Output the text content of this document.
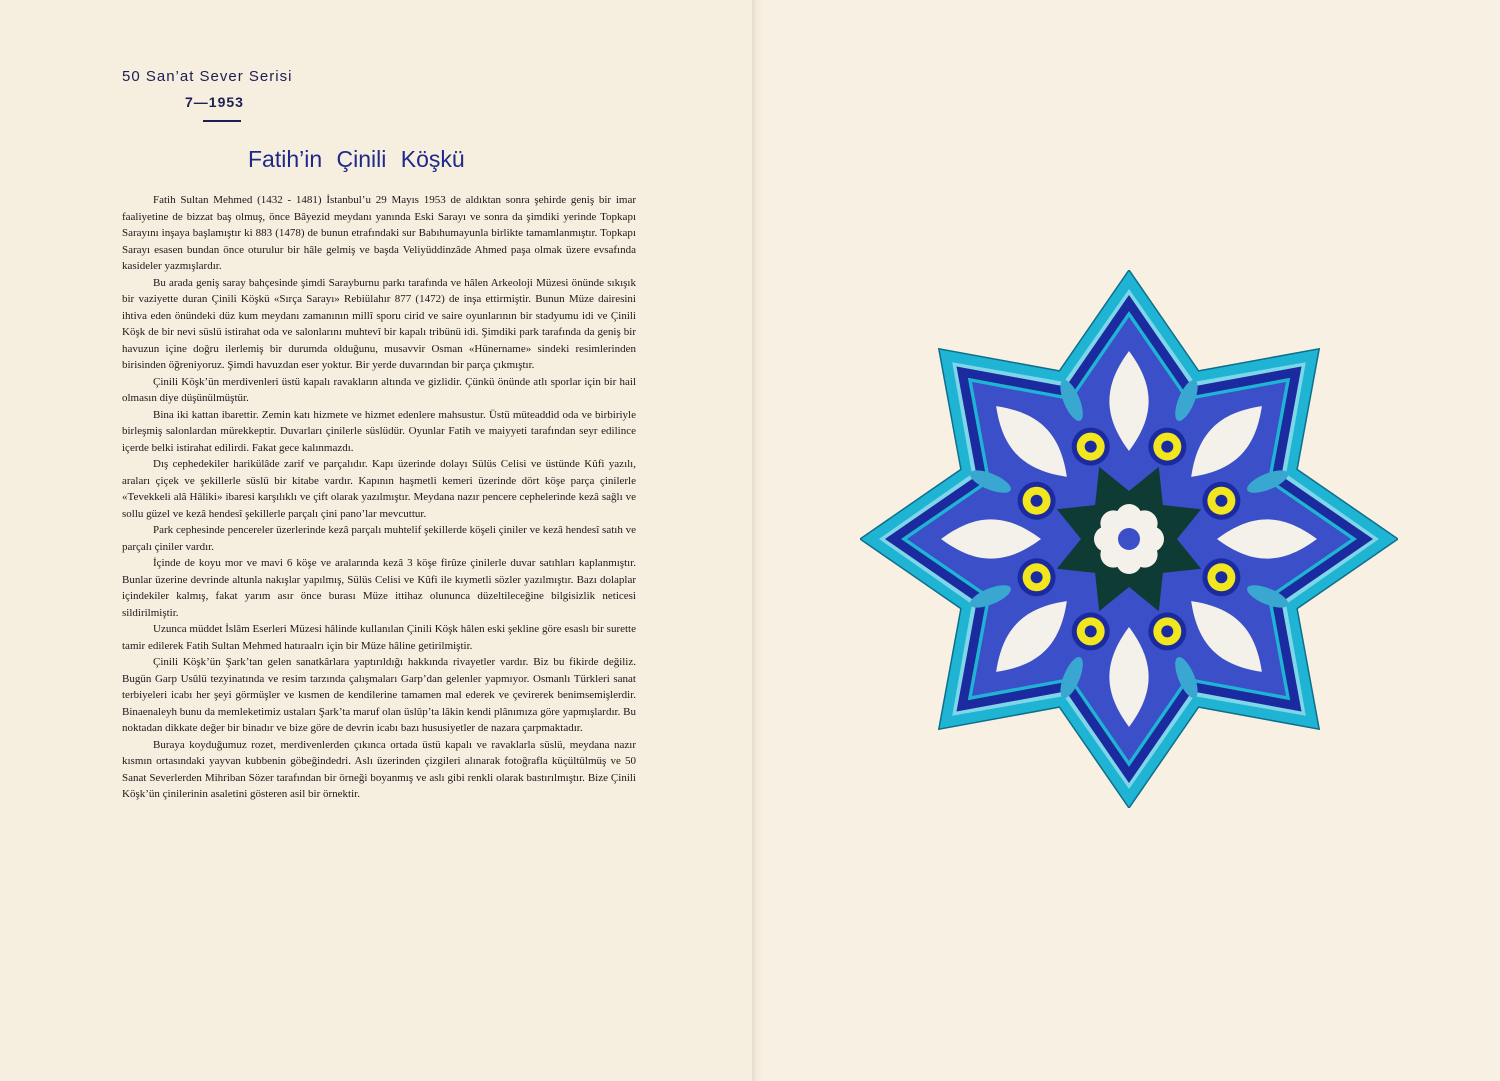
50 San’at Sever Serisi
7—1953
Fatih’in Çinili Köşkü

Fatih Sultan Mehmed (1432 - 1481) İstanbul’u 29 Mayıs 1953 de aldıktan sonra şehirde geniş bir imar faaliyetine de bizzat baş olmuş, önce Bâyezid meydanı yanında Eski Sarayı ve sonra da şimdiki yerinde Topkapı Sarayını inşaya başlamıştır ki 883 (1478) de bunun etrafındaki sur Babıhumayunla birlikte tamamlanmıştır. Topkapı Sarayı esasen bundan önce oturulur bir hâle gelmiş ve başda Veliyüddinzâde Ahmed paşa olmak üzere evsafında kasideler yazmışlardır.

Bu arada geniş saray bahçesinde şimdi Sarayburnu parkı tarafında ve hâlen Arkeoloji Müzesi önünde sıkışık bir vaziyette duran Çinili Köşkü «Sırça Sarayı» Rebiülahır 877 (1472) de inşa ettirmiştir. Bunun Müze dairesini ihtiva eden önündeki düz kum meydanı zamanının millî sporu cirid ve saire oyunlarının bir stadyumu idi ve Çinili Köşk de bir nevi süslü istirahat oda ve salonlarını muhtevî bir kapalı tribünü idi. Şimdiki park tarafında da geniş bir havuzun içine doğru ilerlemiş bir durumda olduğunu, musavvir Osman «Hünername» sindeki resimlerinden birisinden öğreniyoruz. Şimdi havuzdan eser yoktur. Bir yerde duvarından bir parça çıkmıştır.

Çinili Köşk’ün merdivenleri üstü kapalı ravakların altında ve gizlidir. Çünkü önünde atlı sporlar için bir hail olmasın diye düşünülmüştür.

Bina iki kattan ibarettir. Zemin katı hizmete ve hizmet edenlere mahsustur. Üstü müteaddid oda ve birbiriyle birleşmiş salonlardan mürekkeptir. Duvarları çinilerle süslüdür. Oyunlar Fatih ve maiyyeti tarafından seyr edilince içerde belki istirahat edilirdi. Fakat gece kalınmazdı.

Dış cephedekiler harikülâde zarif ve parçalıdır. Kapı üzerinde dolayı Sülüs Celisi ve üstünde Kûfi yazılı, araları çiçek ve şekillerle süslü bir kitabe vardır. Kapının haşmetli kemeri üzerinde dört köşe parça çinilerle «Tevekkeli alâ Hâliki» ibaresi karşılıklı ve çift olarak yazılmıştır. Meydana nazır pencere cephelerinde kezâ sağlı ve sollu güzel ve kezâ hendesî şekillerle parçalı çini pano’lar mevcuttur.

Park cephesinde pencereler üzerlerinde kezâ parçalı muhtelif şekillerde köşeli çiniler ve kezâ hendesî satıh ve parçalı çiniler vardır.

İçinde de koyu mor ve mavi 6 köşe ve aralarında kezâ 3 köşe firûze çinilerle duvar satıhları kaplanmıştır. Bunlar üzerine devrinde altunla nakışlar yapılmış, Sülüs Celisi ve Kûfi ile kıymetli sözler yazılmıştır. Bazı dolaplar içindekiler kalmış, fakat yarım asır önce burası Müze ittihaz olununca düzeltileceğine bilgisizlik neticesi sildirilmiştir.

Uzunca müddet İslâm Eserleri Müzesi hâlinde kullanılan Çinili Köşk hâlen eski şekline göre esaslı bir surette tamir edilerek Fatih Sultan Mehmed hatıraalrı için bir Müze hâline getirilmiştir.

Çinili Köşk’ün Şark’tan gelen sanatkârlara yaptırıldığı hakkında rivayetler vardır. Biz bu fikirde değiliz. Bugün Garp Usûlü tezyinatında ve resim tarzında çalışmaları Garp’dan gelenler yapmıyor. Osmanlı Türkleri sanat terbiyeleri icabı her şeyi görmüşler ve kısmen de kendilerine tamamen mal ederek ve çevirerek benimsemişlerdir. Binaenaleyh bunu da memleketimiz ustaları Şark’ta maruf olan üslûp’ta lâkin kendi plânımıza göre yapmışlardır. Bu noktadan dikkate değer bir binadır ve bize göre de devrin icabı bazı hususiyetler de nazara çarpmaktadır.

Buraya koyduğumuz rozet, merdivenlerden çıkınca ortada üstü kapalı ve ravaklarla süslü, meydana nazır kısmın ortasındaki yayvan kubbenin göbeğindedri. Aslı üzerinden çizgileri alınarak fotoğrafla küçültülmüş ve 50 Sanat Severlerden Mihriban Sözer tarafından bir örneği boyanmış ve aslı gibi renkli olarak bastırılmıştır. Bize Çinili Köşk’ün çinilerinin asaletini gösteren asil bir örnektir.
